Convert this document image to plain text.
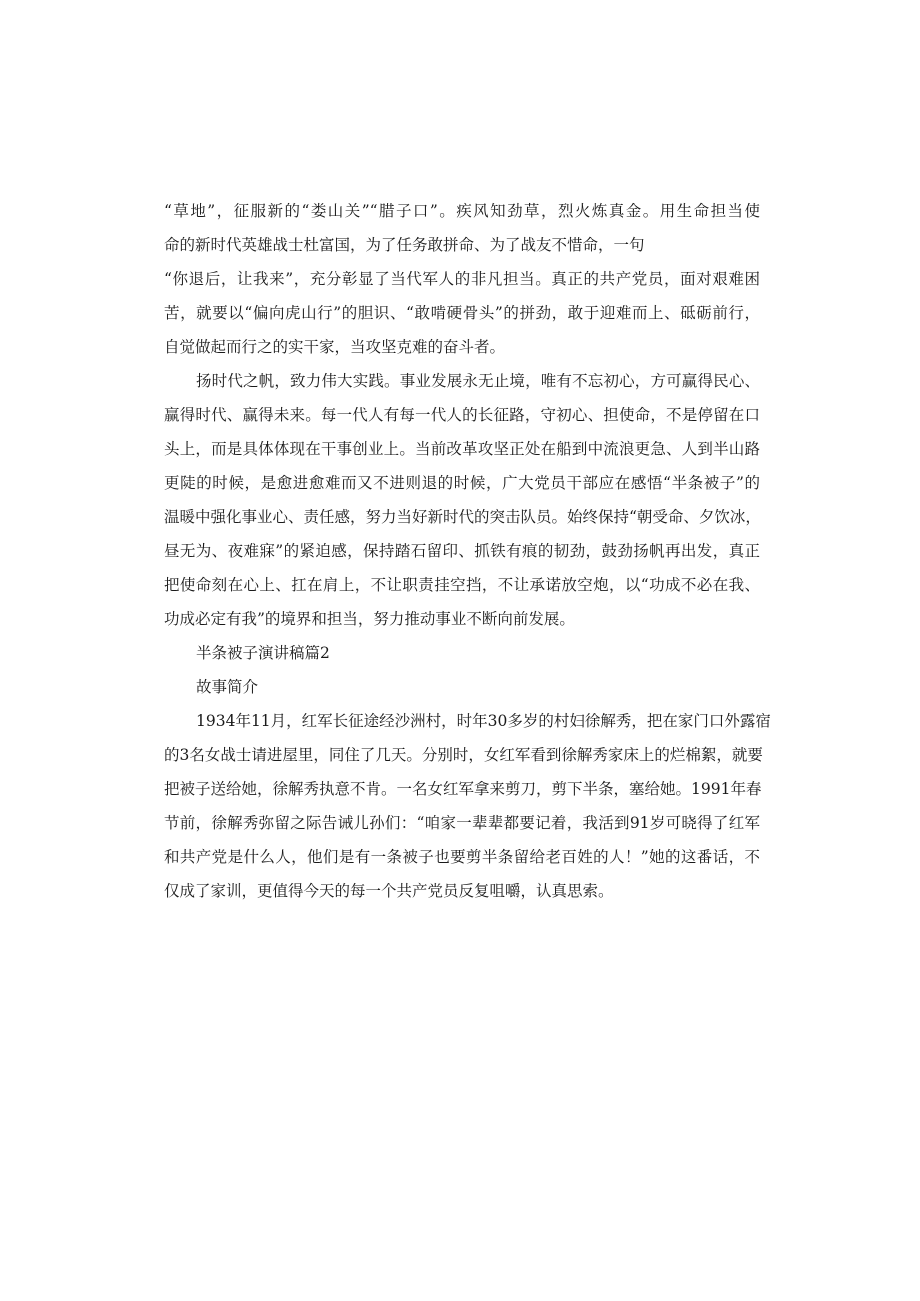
“草地”，征服新的“娄山关”“腊子口”。疾风知劲草，烈火炼真金。用生命担当使
命的新时代英雄战士杜富国，为了任务敢拼命、为了战友不惜命，一句
“你退后，让我来”，充分彰显了当代军人的非凡担当。真正的共产党员，面对艰难困
苦，就要以“偏向虎山行”的胆识、“敢啃硬骨头”的拼劲，敢于迎难而上、砥砺前行，
自觉做起而行之的实干家，当攻坚克难的奋斗者。
扬时代之帆，致力伟大实践。事业发展永无止境，唯有不忘初心，方可赢得民心、
赢得时代、赢得未来。每一代人有每一代人的长征路，守初心、担使命，不是停留在口
头上，而是具体体现在干事创业上。当前改革攻坚正处在船到中流浪更急、人到半山路
更陡的时候，是愈进愈难而又不进则退的时候，广大党员干部应在感悟“半条被子”的
温暖中强化事业心、责任感，努力当好新时代的突击队员。始终保持“朝受命、夕饮冰，
昼无为、夜难寐”的紧迫感，保持踏石留印、抓铁有痕的韧劲，鼓劲扬帆再出发，真正
把使命刻在心上、扛在肩上，不让职责挂空挡，不让承诺放空炮，以“功成不必在我、
功成必定有我”的境界和担当，努力推动事业不断向前发展。
半条被子演讲稿篇2
故事简介
1934年11月，红军长征途经沙洲村，时年30多岁的村妇徐解秀，把在家门口外露宿
的3名女战士请进屋里，同住了几天。分别时，女红军看到徐解秀家床上的烂棉絮，就要
把被子送给她，徐解秀执意不肯。一名女红军拿来剪刀，剪下半条，塞给她。1991年春
节前，徐解秀弥留之际告诫儿孙们：“咱家一辈辈都要记着，我活到91岁可晓得了红军
和共产党是什么人，他们是有一条被子也要剪半条留给老百姓的人！”她的这番话，不
仅成了家训，更值得今天的每一个共产党员反复咀嚼，认真思索。
